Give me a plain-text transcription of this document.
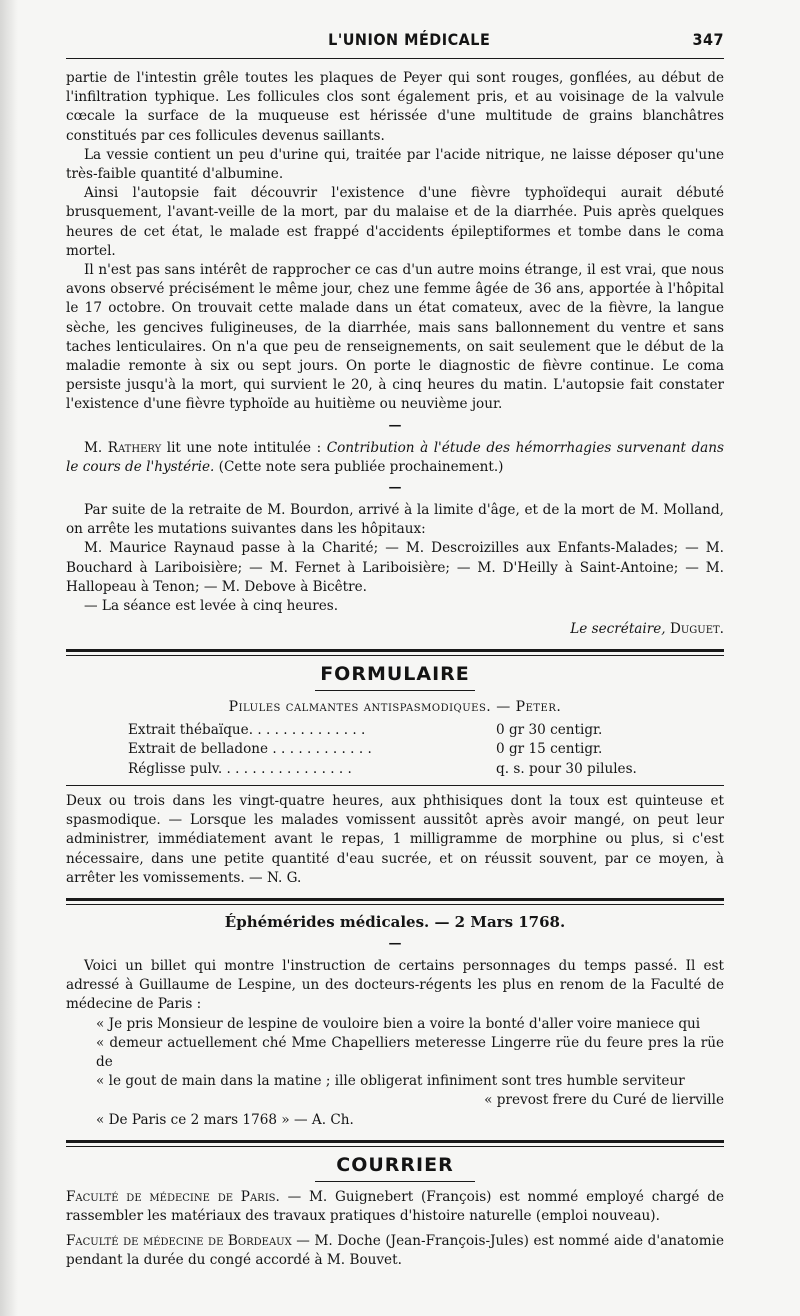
L'UNION MÉDICALE	347

partie de l'intestin grêle toutes les plaques de Peyer qui sont rouges, gonflées, au début de l'infiltration typhique. Les follicules clos sont également pris, et au voisinage de la valvule cœcale la surface de la muqueuse est hérissée d'une multitude de grains blanchâtres constitués par ces follicules devenus saillants.

La vessie contient un peu d'urine qui, traitée par l'acide nitrique, ne laisse déposer qu'une très-faible quantité d'albumine.

Ainsi l'autopsie fait découvrir l'existence d'une fièvre typhoïdequi aurait débuté brusquement, l'avant-veille de la mort, par du malaise et de la diarrhée. Puis après quelques heures de cet état, le malade est frappé d'accidents épileptiformes et tombe dans le coma mortel.

Il n'est pas sans intérêt de rapprocher ce cas d'un autre moins étrange, il est vrai, que nous avons observé précisément le même jour, chez une femme âgée de 36 ans, apportée à l'hôpital le 17 octobre. On trouvait cette malade dans un état comateux, avec de la fièvre, la langue sèche, les gencives fuligineuses, de la diarrhée, mais sans ballonnement du ventre et sans taches lenticulaires. On n'a que peu de renseignements, on sait seulement que le début de la maladie remonte à six ou sept jours. On porte le diagnostic de fièvre continue. Le coma persiste jusqu'à la mort, qui survient le 20, à cinq heures du matin. L'autopsie fait constater l'existence d'une fièvre typhoïde au huitième ou neuvième jour.

—

M. Rathery lit une note intitulée : Contribution à l'étude des hémorrhagies survenant dans le cours de l'hystérie. (Cette note sera publiée prochainement.)

—

Par suite de la retraite de M. Bourdon, arrivé à la limite d'âge, et de la mort de M. Molland, on arrête les mutations suivantes dans les hôpitaux:

M. Maurice Raynaud passe à la Charité; — M. Descroizilles aux Enfants-Malades; — M. Bouchard à Lariboisière; — M. Fernet à Lariboisière; — M. D'Heilly à Saint-Antoine; — M. Hallopeau à Tenon; — M. Debove à Bicêtre.

— La séance est levée à cinq heures.

Le secrétaire, Duguet.
FORMULAIRE
Pilules calmantes antispasmodiques. — Peter.
Extrait thébaïque. . . . . . . . . . . . . .	0 gr 30 centigr.
Extrait de belladone . . . . . . . . . . . .	0 gr 15 centigr.
Réglisse pulv. . . . . . . . . . . . . . . .	q. s. pour 30 pilules.

Deux ou trois dans les vingt-quatre heures, aux phthisiques dont la toux est quinteuse et spasmodique. — Lorsque les malades vomissent aussitôt après avoir mangé, on peut leur administrer, immédiatement avant le repas, 1 milligramme de morphine ou plus, si c'est nécessaire, dans une petite quantité d'eau sucrée, et on réussit souvent, par ce moyen, à arrêter les vomissements. — N. G.

Éphémérides médicales. — 2 Mars 1768.
—

Voici un billet qui montre l'instruction de certains personnages du temps passé. Il est adressé à Guillaume de Lespine, un des docteurs-régents les plus en renom de la Faculté de médecine de Paris :

« Je pris Monsieur de lespine de vouloire bien a voire la bonté d'aller voire maniece qui

« demeur actuellement ché Mme Chapelliers meteresse Lingerre rüe du feure pres la rüe de

« le gout de main dans la matine ; ille obligerat infiniment sont tres humble serviteur

« prevost frere du Curé de lierville

« De Paris ce 2 mars 1768 » — A. Ch.

COURRIER

Faculté de médecine de Paris. — M. Guignebert (François) est nommé employé chargé de rassembler les matériaux des travaux pratiques d'histoire naturelle (emploi nouveau).

Faculté de médecine de Bordeaux — M. Doche (Jean-François-Jules) est nommé aide d'anatomie pendant la durée du congé accordé à M. Bouvet.
